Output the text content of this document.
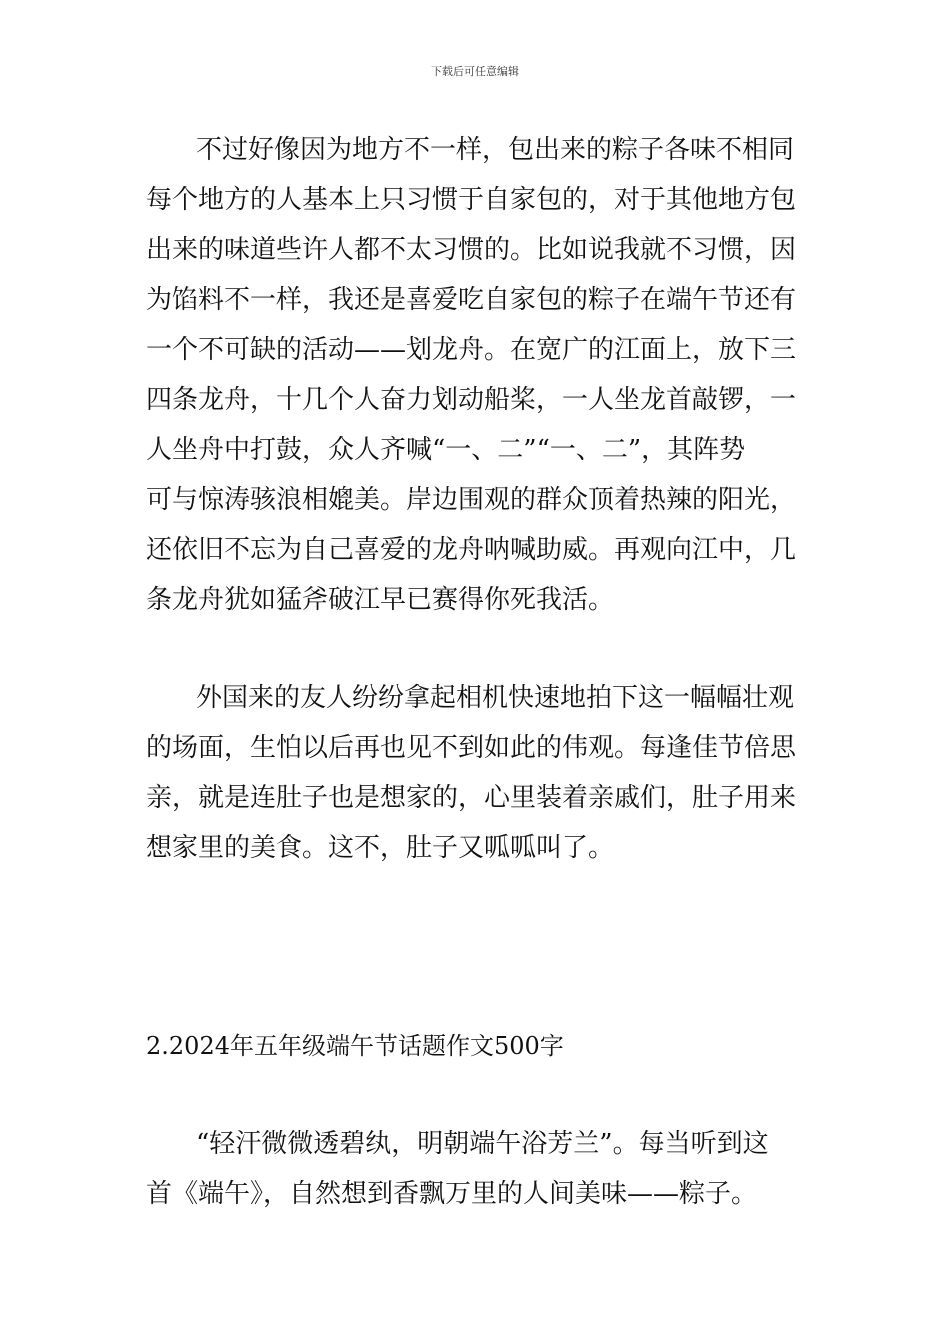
下载后可任意编辑
不过好像因为地方不一样，包出来的粽子各味不相同
每个地方的人基本上只习惯于自家包的，对于其他地方包
出来的味道些许人都不太习惯的。比如说我就不习惯，因
为馅料不一样，我还是喜爱吃自家包的粽子在端午节还有
一个不可缺的活动——划龙舟。在宽广的江面上，放下三
四条龙舟，十几个人奋力划动船桨，一人坐龙首敲锣，一
人坐舟中打鼓，众人齐喊“一、二”“一、二”，其阵势
可与惊涛骇浪相媲美。岸边围观的群众顶着热辣的阳光，
还依旧不忘为自己喜爱的龙舟呐喊助威。再观向江中，几
条龙舟犹如猛斧破江早已赛得你死我活。
外国来的友人纷纷拿起相机快速地拍下这一幅幅壮观
的场面，生怕以后再也见不到如此的伟观。每逢佳节倍思
亲，就是连肚子也是想家的，心里装着亲戚们，肚子用来
想家里的美食。这不，肚子又呱呱叫了。
2.2024年五年级端午节话题作文500字
“轻汗微微透碧纨，明朝端午浴芳兰”。每当听到这
首《端午》，自然想到香飘万里的人间美味——粽子。
